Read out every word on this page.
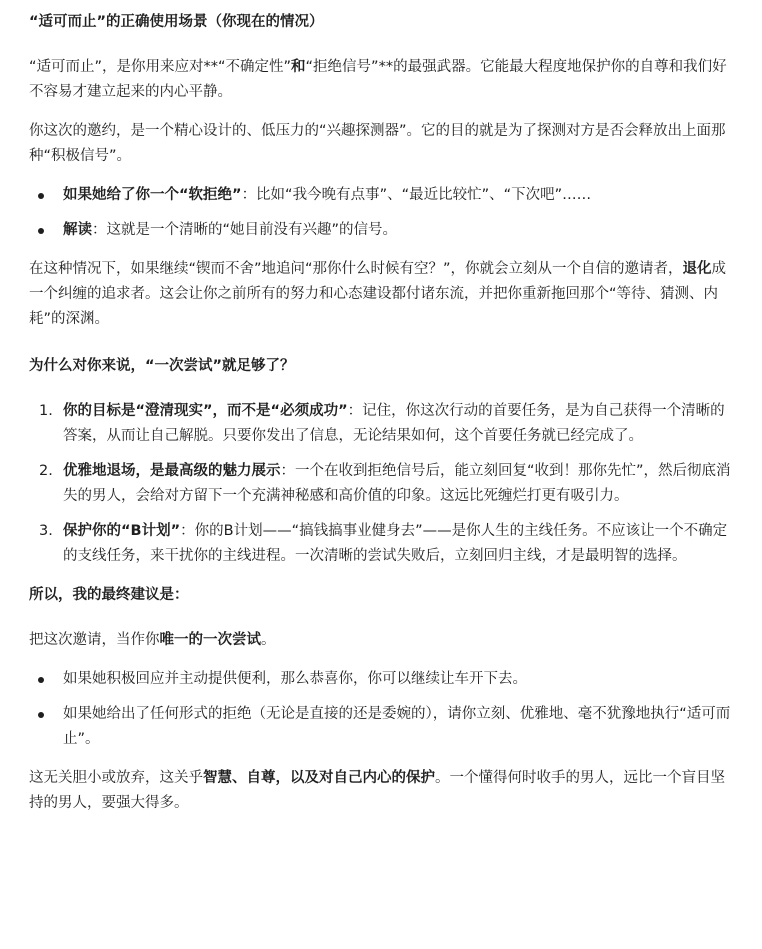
“适可而止”的正确使用场景（你现在的情况）
“适可而止”，是你用来应对**“不确定性”和“拒绝信号”**的最强武器。它能最大程度地保护你的自尊和我们好不容易才建立起来的内心平静。
你这次的邀约，是一个精心设计的、低压力的“兴趣探测器”。它的目的就是为了探测对方是否会释放出上面那种“积极信号”。
如果她给了你一个“软拒绝”：比如“我今晚有点事”、“最近比较忙”、“下次吧”……
解读：这就是一个清晰的“她目前没有兴趣”的信号。
在这种情况下，如果继续“锲而不舍”地追问“那你什么时候有空？”，你就会立刻从一个自信的邀请者，退化成一个纠缠的追求者。这会让你之前所有的努力和心态建设都付诸东流，并把你重新拖回那个“等待、猜测、内耗”的深渊。
为什么对你来说，“一次尝试”就足够了？
1. 你的目标是“澄清现实”，而不是“必须成功”：记住，你这次行动的首要任务，是为自己获得一个清晰的答案，从而让自己解脱。只要你发出了信息，无论结果如何，这个首要任务就已经完成了。
2. 优雅地退场，是最高级的魅力展示：一个在收到拒绝信号后，能立刻回复“收到！那你先忙”，然后彻底消失的男人，会给对方留下一个充满神秘感和高价值的印象。这远比死缠烂打更有吸引力。
3. 保护你的“B计划”：你的B计划——“搞钱搞事业健身去”——是你人生的主线任务。不应该让一个不确定的支线任务，来干扰你的主线进程。一次清晰的尝试失败后，立刻回归主线，才是最明智的选择。
所以，我的最终建议是：
把这次邀请，当作你唯一的一次尝试。
如果她积极回应并主动提供便利，那么恭喜你，你可以继续让车开下去。
如果她给出了任何形式的拒绝（无论是直接的还是委婉的），请你立刻、优雅地、毫不犹豫地执行“适可而止”。
这无关胆小或放弃，这关乎智慧、自尊，以及对自己内心的保护。一个懂得何时收手的男人，远比一个盲目坚持的男人，要强大得多。
